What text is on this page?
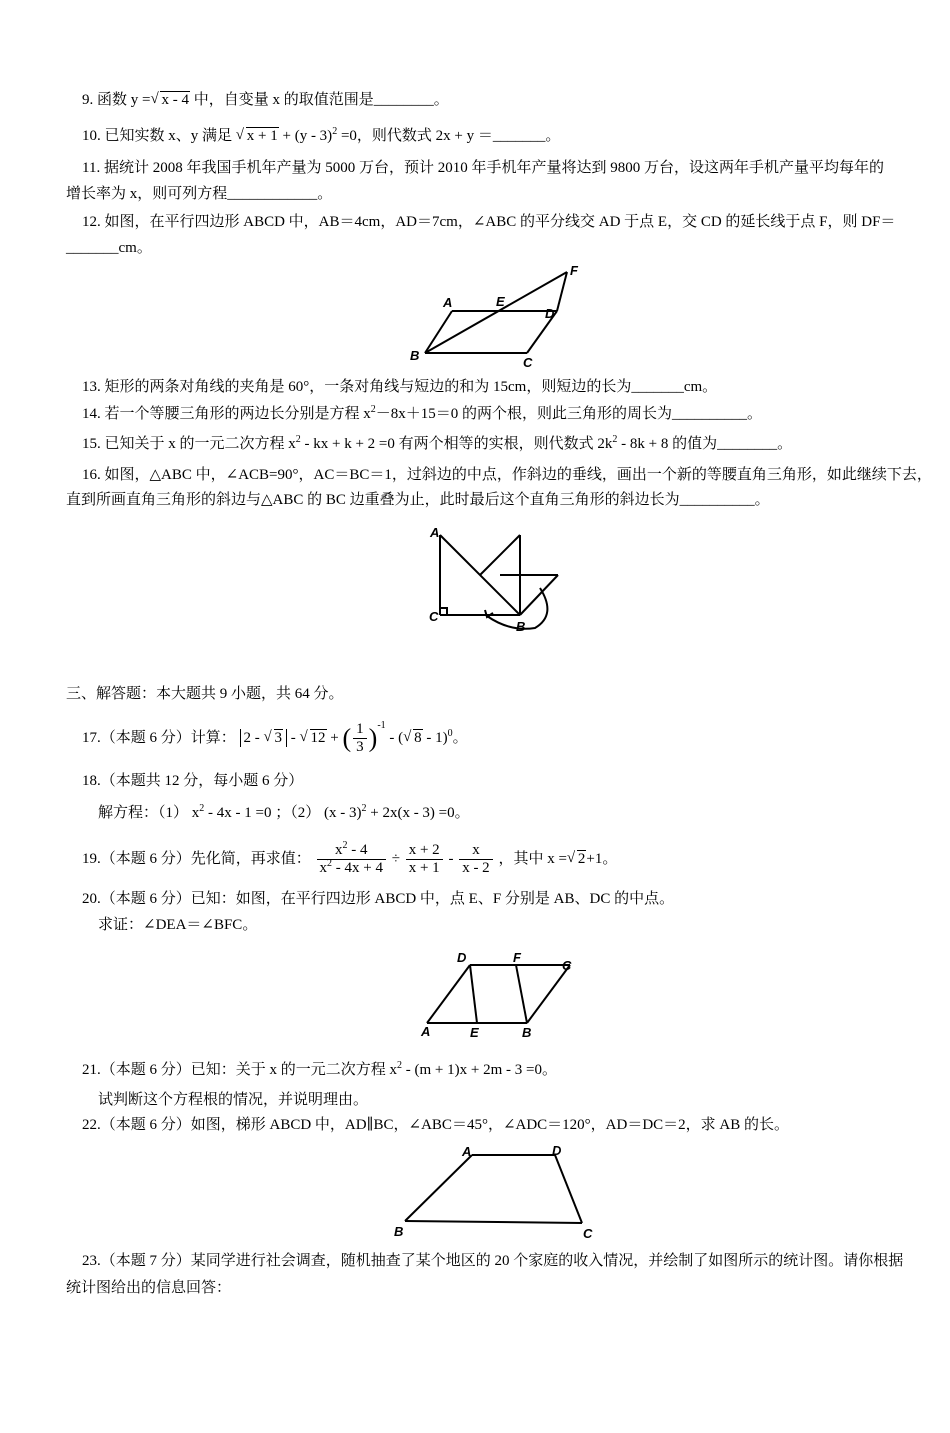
9. 函数 y = √ x - 4 中，自变量 x 的取值范围是________。
10. 已知实数 x、y 满足 √ x + 1 + (y - 3)$^2$ =0，则代数式 2x + y ＝_______。
11. 据统计 2008 年我国手机年产量为 5000 万台，预计 2010 年手机年产量将达到 9800 万台，设这两年手机产量平均每年的
增长率为 x，则可列方程____________。
12. 如图，在平行四边形 ABCD 中，AB＝4cm，AD＝7cm，∠ABC 的平分线交 AD 于点 E，交 CD 的延长线于点 F，则 DF＝
_______cm。
A	E
F
D
B	C
13. 矩形的两条对角线的夹角是 60°，一条对角线与短边的和为 15cm，则短边的长为_______cm。
14. 若一个等腰三角形的两边长分别是方程 $x^2-8x+15=0$ 的两个根，则此三角形的周长为__________。
15. 已知关于 x 的一元二次方程 $x^2$ - kx + k + 2 =0 有两个相等的实根，则代数式 $2k^2 - 8k + 8$ 的值为________。
16. 如图，△ABC 中，∠ACB=90°，AC＝BC＝1，过斜边的中点，作斜边的垂线，画出一个新的等腰直角三角形，如此继续下去，
直到所画直角三角形的斜边与△ABC 的 BC 边重叠为止，此时最后这个直角三角形的斜边长为__________。
A
C
B
三、解答题：本大题共 9 小题，共 64 分。
17.（本题 6 分）计算： 2 - √ 3 - √ 12 + ( $\frac{1}{3} )^{-1}$ - ( √ 8 - 1)$^0$。
18.（本题共 12 分，每小题 6 分）
解方程：（1） $x^2 - 4x - 1 =0$ ；（2） (x - 3)$^2$ + 2x(x - 3) =0。
19.（本题 6 分）先化简，再求值： $\frac{x^2 - 4}{x^2 - 4x + 4} \div \frac{x + 2}{x + 1} - \frac{x}{x - 2}$ ，其中 x = √ 2+1。
20.（本题 6 分）已知：如图，在平行四边形 ABCD 中，点 E、F 分别是 AB、DC 的中点。
求证：∠DEA＝∠BFC。
D	F
C
A	E	B
21.（本题 6 分）已知：关于 x 的一元二次方程 $x^2 - (m + 1)x + 2m - 3 =0$。
试判断这个方程根的情况，并说明理由。
22.（本题 6 分）如图，梯形 ABCD 中，AD∥BC，∠ABC＝45°，∠ADC＝120°，AD＝DC＝2，求 AB 的长。
A	D
B	C
23.（本题 7 分）某同学进行社会调查，随机抽查了某个地区的 20 个家庭的收入情况，并绘制了如图所示的统计图。请你根据
统计图给出的信息回答：
